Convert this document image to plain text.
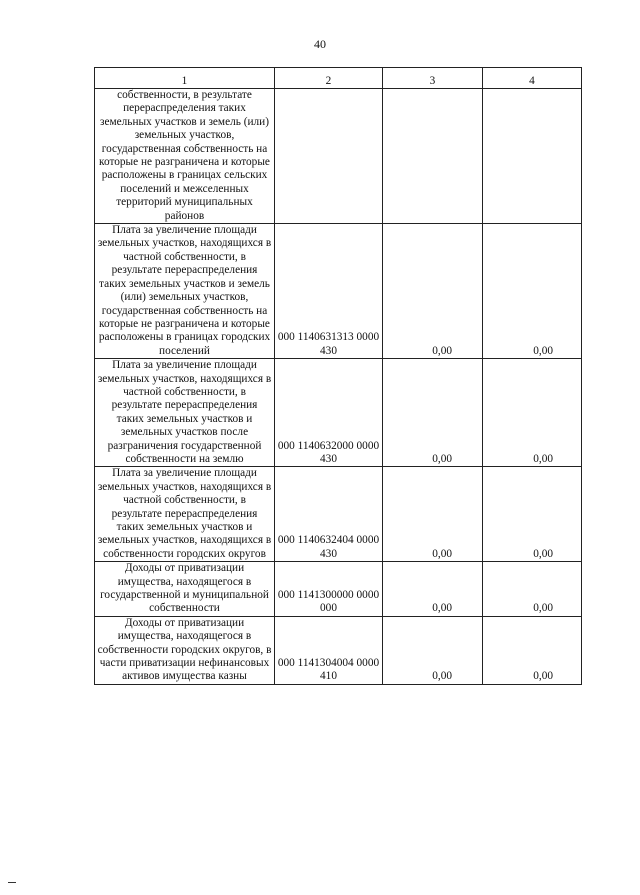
40
1	2	3	4
собственности, в результате перераспределения таких земельных участков и земель (или) земельных участков, государственная собственность на которые не разграничена и которые расположены в границах сельских поселений и межселенных территорий муниципальных районов			
Плата за увеличение площади земельных участков, находящихся в частной собственности, в результате перераспределения таких земельных участков и земель (или) земельных участков, государственная собственность на которые не разграничена и которые расположены в границах городских поселений	000 1140631313 0000 430	0,00	0,00
Плата за увеличение площади земельных участков, находящихся в частной собственности, в результате перераспределения таких земельных участков и земельных участков после разграничения государственной собственности на землю	000 1140632000 0000 430	0,00	0,00
Плата за увеличение площади земельных участков, находящихся в частной собственности, в результате перераспределения таких земельных участков и земельных участков, находящихся в собственности городских округов	000 1140632404 0000 430	0,00	0,00
Доходы от приватизации имущества, находящегося в государственной и муниципальной собственности	000 1141300000 0000 000	0,00	0,00
Доходы от приватизации имущества, находящегося в собственности городских округов, в части приватизации нефинансовых активов имущества казны	000 1141304004 0000 410	0,00	0,00
